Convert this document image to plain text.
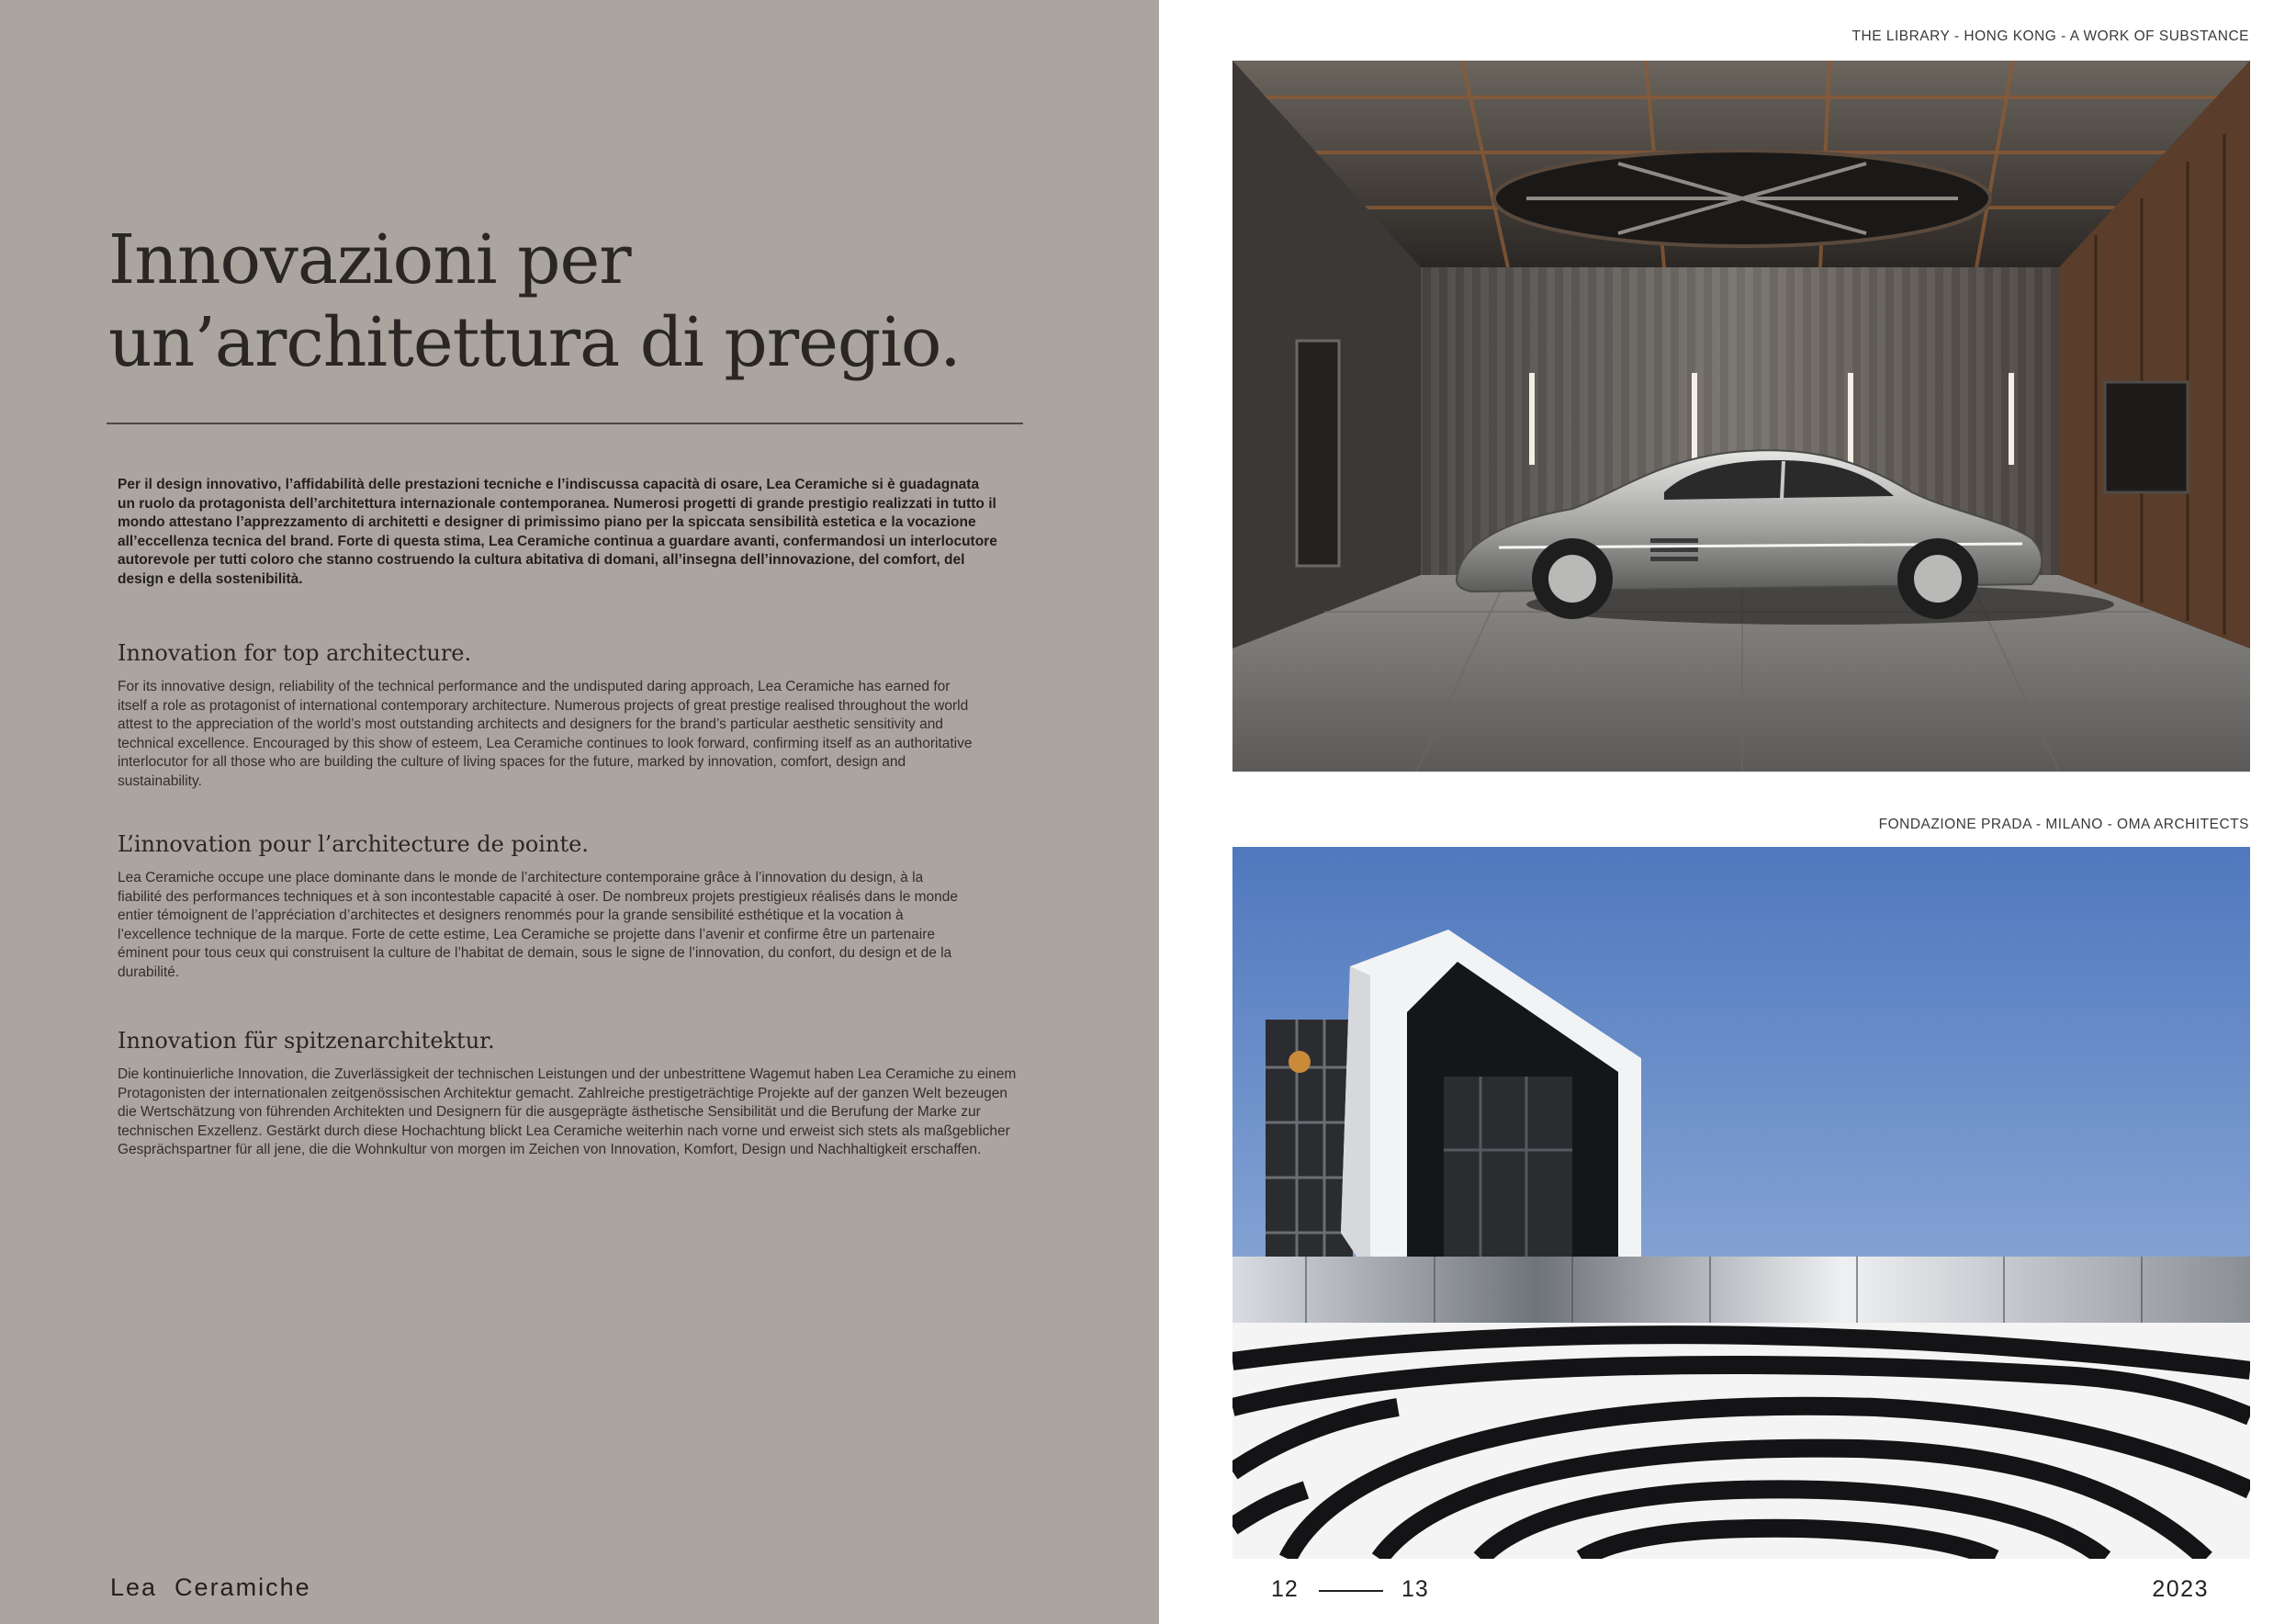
Innovazioni per
un’architettura di pregio.

Per il design innovativo, l’affidabilità delle prestazioni tecniche e l’indiscussa capacità di osare, Lea Ceramiche si è guadagnata un ruolo da protagonista dell’architettura internazionale contemporanea. Numerosi progetti di grande prestigio realizzati in tutto il mondo attestano l’apprezzamento di architetti e designer di primissimo piano per la spiccata sensibilità estetica e la vocazione all’eccellenza tecnica del brand. Forte di questa stima, Lea Ceramiche continua a guardare avanti, confermandosi un interlocutore autorevole per tutti coloro che stanno costruendo la cultura abitativa di domani, all’insegna dell’innovazione, del comfort, del design e della sostenibilità.

Innovation for top architecture.

For its innovative design, reliability of the technical performance and the undisputed daring approach, Lea Ceramiche has earned for itself a role as protagonist of international contemporary architecture. Numerous projects of great prestige realised throughout the world attest to the appreciation of the world’s most outstanding architects and designers for the brand’s particular aesthetic sensitivity and technical excellence. Encouraged by this show of esteem, Lea Ceramiche continues to look forward, confirming itself as an authoritative interlocutor for all those who are building the culture of living spaces for the future, marked by innovation, comfort, design and sustainability.

L’innovation pour l’architecture de pointe.

Lea Ceramiche occupe une place dominante dans le monde de l’architecture contemporaine grâce à l’innovation du design, à la fiabilité des performances techniques et à son incontestable capacité à oser. De nombreux projets prestigieux réalisés dans le monde entier témoignent de l’appréciation d’architectes et designers renommés pour la grande sensibilité esthétique et la vocation à l’excellence technique de la marque. Forte de cette estime, Lea Ceramiche se projette dans l’avenir et confirme être un partenaire éminent pour tous ceux qui construisent la culture de l’habitat de demain, sous le signe de l’innovation, du confort, du design et de la durabilité.

Innovation für spitzenarchitektur.

Die kontinuierliche Innovation, die Zuverlässigkeit der technischen Leistungen und der unbestrittene Wagemut haben Lea Ceramiche zu einem Protagonisten der internationalen zeitgenössischen Architektur gemacht. Zahlreiche prestigeträchtige Projekte auf der ganzen Welt bezeugen die Wertschätzung von führenden Architekten und Designern für die ausgeprägte ästhetische Sensibilität und die Berufung der Marke zur technischen Exzellenz. Gestärkt durch diese Hochachtung blickt Lea Ceramiche weiterhin nach vorne und erweist sich stets als maßgeblicher Gesprächspartner für all jene, die die Wohnkultur von morgen im Zeichen von Innovation, Komfort, Design und Nachhaltigkeit erschaffen.

Lea  Ceramiche
THE LIBRARY - HONG KONG - A WORK OF SUBSTANCE
FONDAZIONE PRADA - MILANO - OMA ARCHITECTS
12	13	2023
